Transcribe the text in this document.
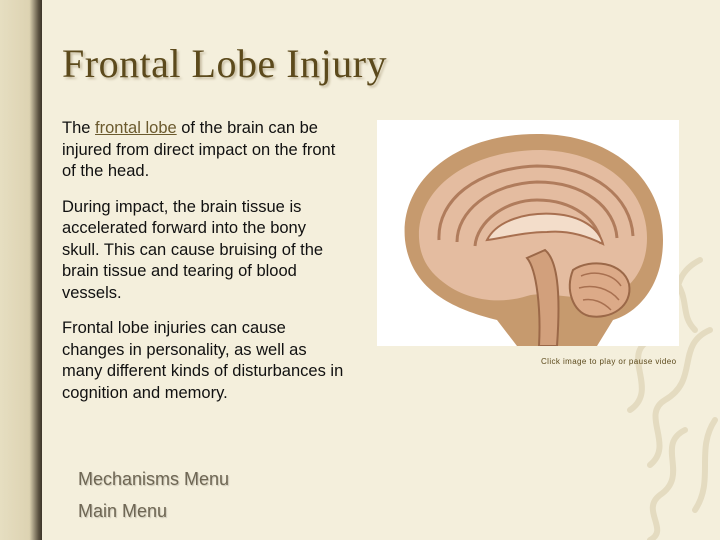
Frontal Lobe Injury

The frontal lobe of the brain can be injured from direct impact on the front of the head.

During impact, the brain tissue is accelerated forward into the bony skull. This can cause bruising of the brain tissue and tearing of blood vessels.

Frontal lobe injuries can cause changes in personality, as well as many different kinds of disturbances in cognition and memory.

Click image to play or pause video
Mechanisms Menu
Main Menu
